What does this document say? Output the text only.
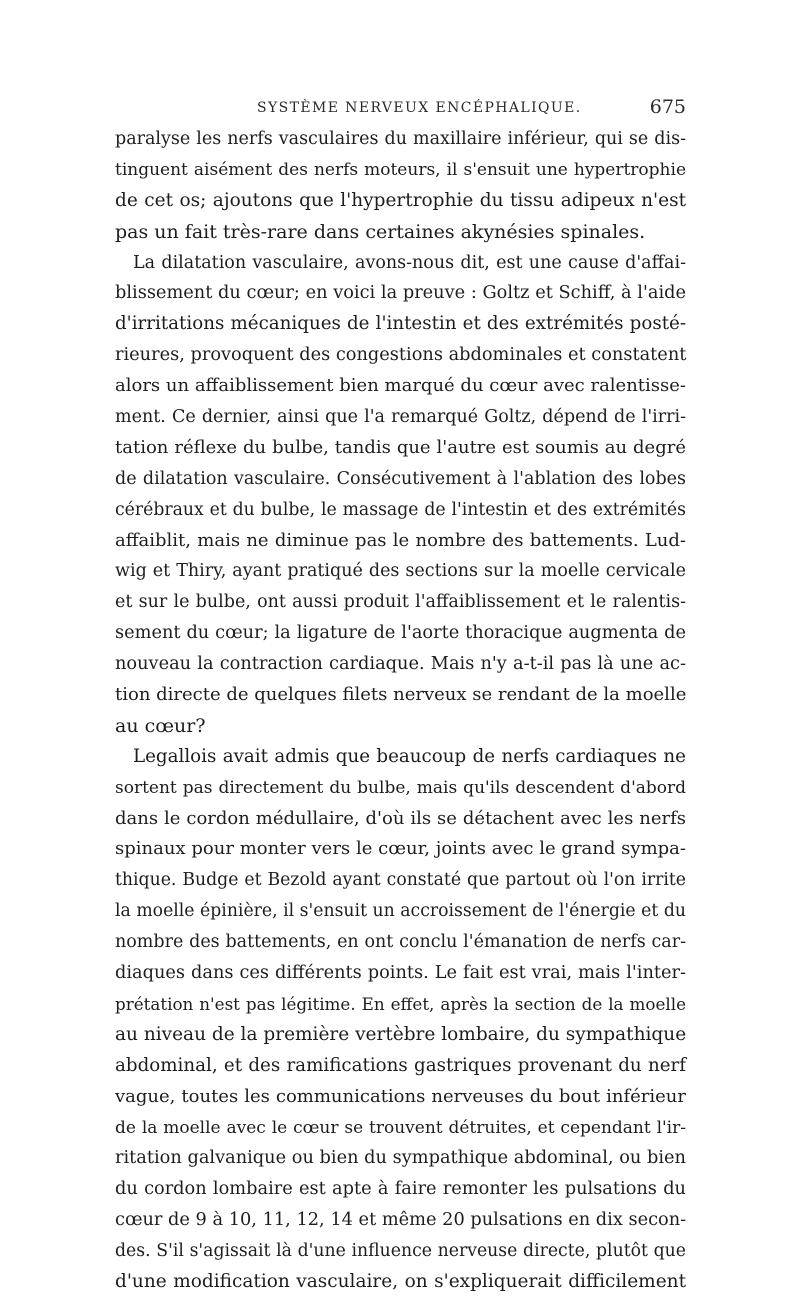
SYSTÈME NERVEUX ENCÉPHALIQUE.	675
paralyse les nerfs vasculaires du maxillaire inférieur, qui se dis-
tinguent aisément des nerfs moteurs, il s'ensuit une hypertrophie
de cet os; ajoutons que l'hypertrophie du tissu adipeux n'est
pas un fait très-rare dans certaines akynésies spinales.
La dilatation vasculaire, avons-nous dit, est une cause d'affai-
blissement du cœur; en voici la preuve : Goltz et Schiff, à l'aide
d'irritations mécaniques de l'intestin et des extrémités posté-
rieures, provoquent des congestions abdominales et constatent
alors un affaiblissement bien marqué du cœur avec ralentisse-
ment. Ce dernier, ainsi que l'a remarqué Goltz, dépend de l'irri-
tation réflexe du bulbe, tandis que l'autre est soumis au degré
de dilatation vasculaire. Consécutivement à l'ablation des lobes
cérébraux et du bulbe, le massage de l'intestin et des extrémités
affaiblit, mais ne diminue pas le nombre des battements. Lud-
wig et Thiry, ayant pratiqué des sections sur la moelle cervicale
et sur le bulbe, ont aussi produit l'affaiblissement et le ralentis-
sement du cœur; la ligature de l'aorte thoracique augmenta de
nouveau la contraction cardiaque. Mais n'y a-t-il pas là une ac-
tion directe de quelques filets nerveux se rendant de la moelle
au cœur?
Legallois avait admis que beaucoup de nerfs cardiaques ne
sortent pas directement du bulbe, mais qu'ils descendent d'abord
dans le cordon médullaire, d'où ils se détachent avec les nerfs
spinaux pour monter vers le cœur, joints avec le grand sympa-
thique. Budge et Bezold ayant constaté que partout où l'on irrite
la moelle épinière, il s'ensuit un accroissement de l'énergie et du
nombre des battements, en ont conclu l'émanation de nerfs car-
diaques dans ces différents points. Le fait est vrai, mais l'inter-
prétation n'est pas légitime. En effet, après la section de la moelle
au niveau de la première vertèbre lombaire, du sympathique
abdominal, et des ramifications gastriques provenant du nerf
vague, toutes les communications nerveuses du bout inférieur
de la moelle avec le cœur se trouvent détruites, et cependant l'ir-
ritation galvanique ou bien du sympathique abdominal, ou bien
du cordon lombaire est apte à faire remonter les pulsations du
cœur de 9 à 10, 11, 12, 14 et même 20 pulsations en dix secon-
des. S'il s'agissait là d'une influence nerveuse directe, plutôt que
d'une modification vasculaire, on s'expliquerait difficilement
